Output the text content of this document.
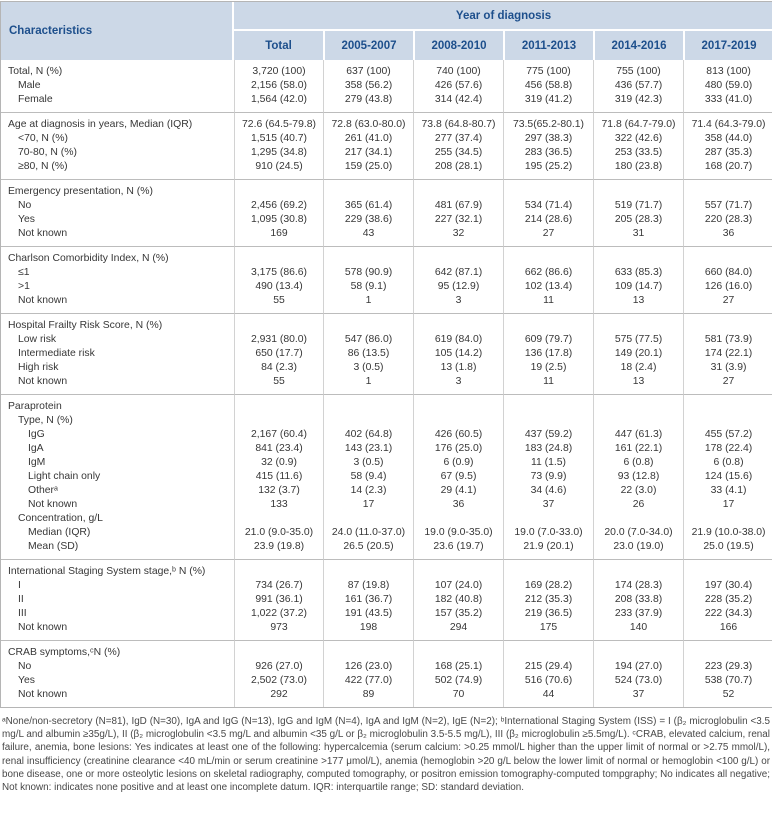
Characteristics	Year of diagnosis					
	Total	2005-2007	2008-2010	2011-2013	2014-2016	2017-2019
Total, N (%)	3,720 (100)	637 (100)	740 (100)	775 (100)	755 (100)	813 (100)
Male	2,156 (58.0)	358 (56.2)	426 (57.6)	456 (58.8)	436 (57.7)	480 (59.0)
Female	1,564 (42.0)	279 (43.8)	314 (42.4)	319 (41.2)	319 (42.3)	333 (41.0)
Age at diagnosis in years, Median (IQR)	72.6 (64.5-79.8)	72.8 (63.0-80.0)	73.8 (64.8-80.7)	73.5(65.2-80.1)	71.8 (64.7-79.0)	71.4 (64.3-79.0)
<70, N (%)	1,515 (40.7)	261 (41.0)	277 (37.4)	297 (38.3)	322 (42.6)	358 (44.0)
70-80, N (%)	1,295 (34.8)	217 (34.1)	255 (34.5)	283 (36.5)	253 (33.5)	287 (35.3)
≥80, N (%)	910 (24.5)	159 (25.0)	208 (28.1)	195 (25.2)	180 (23.8)	168 (20.7)
Emergency presentation, N (%)						
No	2,456 (69.2)	365 (61.4)	481 (67.9)	534 (71.4)	519 (71.7)	557 (71.7)
Yes	1,095 (30.8)	229 (38.6)	227 (32.1)	214 (28.6)	205 (28.3)	220 (28.3)
Not known	169	43	32	27	31	36
Charlson Comorbidity Index, N (%)						
≤1	3,175 (86.6)	578 (90.9)	642 (87.1)	662 (86.6)	633 (85.3)	660 (84.0)
>1	490 (13.4)	58 (9.1)	95 (12.9)	102 (13.4)	109 (14.7)	126 (16.0)
Not known	55	1	3	11	13	27
Hospital Frailty Risk Score, N (%)						
Low risk	2,931 (80.0)	547 (86.0)	619 (84.0)	609 (79.7)	575 (77.5)	581 (73.9)
Intermediate risk	650 (17.7)	86 (13.5)	105 (14.2)	136 (17.8)	149 (20.1)	174 (22.1)
High risk	84 (2.3)	3 (0.5)	13 (1.8)	19 (2.5)	18 (2.4)	31 (3.9)
Not known	55	1	3	11	13	27
Paraprotein						
Type, N (%)						
IgG	2,167 (60.4)	402 (64.8)	426 (60.5)	437 (59.2)	447 (61.3)	455 (57.2)
IgA	841 (23.4)	143 (23.1)	176 (25.0)	183 (24.8)	161 (22.1)	178 (22.4)
IgM	32 (0.9)	3 (0.5)	6 (0.9)	11 (1.5)	6 (0.8)	6 (0.8)
Light chain only	415 (11.6)	58 (9.4)	67 (9.5)	73 (9.9)	93 (12.8)	124 (15.6)
Otherᵃ	132 (3.7)	14 (2.3)	29 (4.1)	34 (4.6)	22 (3.0)	33 (4.1)
Not known	133	17	36	37	26	17
Concentration, g/L						
Median (IQR)	21.0 (9.0-35.0)	24.0 (11.0-37.0)	19.0 (9.0-35.0)	19.0 (7.0-33.0)	20.0 (7.0-34.0)	21.9 (10.0-38.0)
Mean (SD)	23.9 (19.8)	26.5 (20.5)	23.6 (19.7)	21.9 (20.1)	23.0 (19.0)	25.0 (19.5)
International Staging System stage,ᵇ N (%)						
I	734 (26.7)	87 (19.8)	107 (24.0)	169 (28.2)	174 (28.3)	197 (30.4)
II	991 (36.1)	161 (36.7)	182 (40.8)	212 (35.3)	208 (33.8)	228 (35.2)
III	1,022 (37.2)	191 (43.5)	157 (35.2)	219 (36.5)	233 (37.9)	222 (34.3)
Not known	973	198	294	175	140	166
CRAB symptoms,ᶜN (%)						
No	926 (27.0)	126 (23.0)	168 (25.1)	215 (29.4)	194 (27.0)	223 (29.3)
Yes	2,502 (73.0)	422 (77.0)	502 (74.9)	516 (70.6)	524 (73.0)	538 (70.7)
Not known	292	89	70	44	37	52

ᵃNone/non-secretory (N=81), IgD (N=30), IgA and IgG (N=13), IgG and IgM (N=4), IgA and IgM (N=2), IgE (N=2); ᵇInternational Staging System (ISS) = I (β₂ microglobulin <3.5 mg/L and albumin ≥35g/L), II (β₂ microglobulin <3.5 mg/L and albumin <35 g/L or β₂ microglobulin 3.5-5.5 mg/L), III (β₂ microglobulin ≥5.5mg/L). ᶜCRAB, elevated calcium, renal failure, anemia, bone lesions: Yes indicates at least one of the following: hypercalcemia (serum calcium: >0.25 mmol/L higher than the upper limit of normal or >2.75 mmol/L), renal insufficiency (creatinine clearance <40 mL/min or serum creatinine >177 μmol/L), anemia (hemoglobin >20 g/L below the lower limit of normal or hemoglobin <100 g/L) or bone disease, one or more osteolytic lesions on skeletal radiography, computed tomography, or positron emission tomography-computed tompgraphy; No indicates all negative; Not known: indicates none positive and at least one incomplete datum. IQR: interquartile range; SD: standard deviation.
